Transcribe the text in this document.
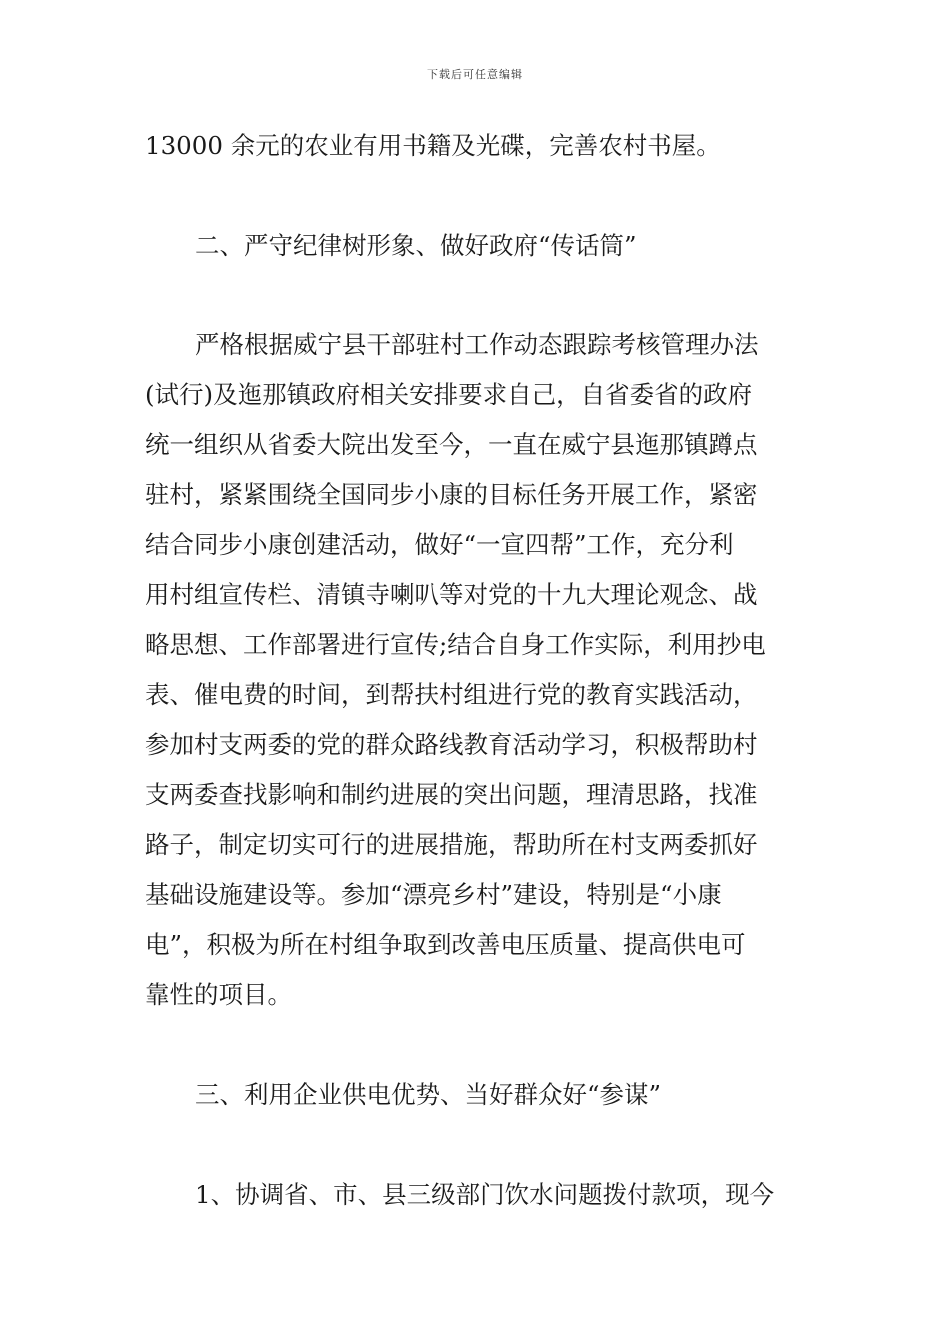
下载后可任意编辑
13000 余元的农业有用书籍及光碟，完善农村书屋。
二、严守纪律树形象、做好政府“传话筒”
严格根据威宁县干部驻村工作动态跟踪考核管理办法
(试行)及迤那镇政府相关安排要求自己，自省委省的政府
统一组织从省委大院出发至今，一直在威宁县迤那镇蹲点
驻村，紧紧围绕全国同步小康的目标任务开展工作，紧密
结合同步小康创建活动，做好“一宣四帮”工作，充分利
用村组宣传栏、清镇寺喇叭等对党的十九大理论观念、战
略思想、工作部署进行宣传;结合自身工作实际，利用抄电
表、催电费的时间，到帮扶村组进行党的教育实践活动，
参加村支两委的党的群众路线教育活动学习，积极帮助村
支两委查找影响和制约进展的突出问题，理清思路，找准
路子，制定切实可行的进展措施，帮助所在村支两委抓好
基础设施建设等。参加“漂亮乡村”建设，特别是“小康
电”，积极为所在村组争取到改善电压质量、提高供电可
靠性的项目。
三、利用企业供电优势、当好群众好“参谋”
1、协调省、市、县三级部门饮水问题拨付款项，现今
